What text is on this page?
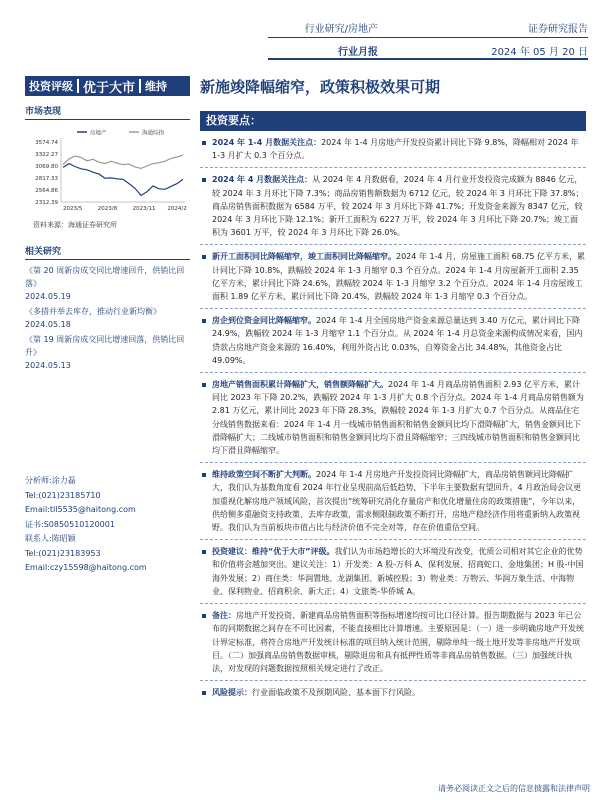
行业研究/房地产
行业月报
证券研究报告
2024 年 05 月 20 日
投资评级 优于大市 维持 新施竣降幅缩窄，政策积极效果可期
市场表现
房地产	海通综指
3574.74
3322.27
3069.80
2817.33
2564.86
2312.39
2023/5	2023/8	2023/11 2024/2
资料来源：海通证券研究所
相关研究
《第 20 周新房成交同比增速回升，供销比回落》
2024.05.19
《多措并举去库存，推动行业新均衡》
2024.05.18
《第 19 周新房成交同比增速回落，供销比回升》
2024.05.13
分析师:涂力磊
Tel:(021)23185710
Email:tll5535@haitong.com
证书:S0850510120001
联系人:陈昭颖
Tel:(021)23183953
Email:czy15598@haitong.com
投资要点：
2024 年 1-4 月数据关注点：2024 年 1-4 月房地产开发投资累计同比下降 9.8%，降幅相对 2024 年 1-3 月扩大 0.3 个百分点。
2024 年 4 月数据关注点：从 2024 年 4 月数据看，2024 年 4 月行业开发投资完成额为 8846 亿元，较 2024 年 3 月环比下降 7.3%；商品房销售额数据为 6712 亿元，较 2024 年 3 月环比下降 37.8%；商品房销售面积数据为 6584 万平，较 2024 年 3 月环比下降 41.7%；开发资金来源为 8347 亿元，较 2024 年 3 月环比下降 12.1%；新开工面积为 6227 万平，较 2024 年 3 月环比下降 20.7%；竣工面积为 3601 万平，较 2024 年 3 月环比下降 26.0%。
新开工面积同比降幅缩窄，竣工面积同比降幅缩窄。2024 年 1-4 月，房屋施工面积 68.75 亿平方米，累计同比下降 10.8%，跌幅较 2024 年 1-3 月缩窄 0.3 个百分点。2024 年 1-4 月房屋新开工面积 2.35 亿平方米，累计同比下降 24.6%，跌幅较 2024 年 1-3 月缩窄 3.2 个百分点。2024 年 1-4 月房屋竣工面积 1.89 亿平方米，累计同比下降 20.4%，跌幅较 2024 年 1-3 月缩窄 0.3 个百分点。
房企到位资金同比降幅缩窄。2024 年 1-4 月全国房地产资金来源总量达到 3.40 万亿元，累计同比下降 24.9%，跌幅较 2024 年 1-3 月缩窄 1.1 个百分点。从 2024 年 1-4 月总资金来源构成情况来看，国内贷款占房地产资金来源的 16.40%，利用外资占比 0.03%，自筹资金占比 34.48%，其他资金占比 49.09%。
房地产销售面积累计降幅扩大，销售额降幅扩大。2024 年 1-4 月商品房销售面积 2.93 亿平方米，累计同比 2023 年下降 20.2%，跌幅较 2024 年 1-3 月扩大 0.8 个百分点。2024 年 1-4 月商品房销售额为 2.81 万亿元，累计同比 2023 年下降 28.3%，跌幅较 2024 年 1-3 月扩大 0.7 个百分点。从商品住宅分线销售数据来看：2024 年 1-4 月一线城市销售面积和销售金额同比均下滑降幅扩大，销售金额同比下滑降幅扩大；二线城市销售面积和销售金额同比均下滑且降幅缩窄；三四线城市销售面积和销售金额同比均下滑且降幅缩窄。
维持政策空间不断扩大判断。2024 年 1-4 月房地产开发投资同比降幅扩大，商品房销售额同比降幅扩大，我们认为基数角度看 2024 年行业呈现前高后低趋势，下半年主要数据有望回升。4 月政治局会议更加重视化解房地产领域风险，首次提出“统筹研究消化存量房产和优化增量住房的政策措施”，今年以来，供给侧多重融资支持政策、去库存政策，需求侧限制政策不断打开，房地产稳经济作用将重新纳入政策视野。我们认为当前板块市值占比与经济价值不完全对等，存在价值重估空间。
投资建议：维持“优于大市”评级。我们认为市场趋增长的大环境没有改变，优质公司相对其它企业的优势和价值将会越加突出。建议关注：1）开发类：A 股-万科 A、保利发展、招商蛇口、金地集团；H 股-中国海外发展；2）商住类：华润置地、龙湖集团、新城控股；3）物业类：万物云、华润万象生活、中海物业、保利物业、招商积余、新大正；4）文旅类-华侨城 A。
备注：房地产开发投资、新建商品房销售面积等指标增速均按可比口径计算。报告期数据与 2023 年已公布的同期数据之间存在不可比因素，不能直接相比计算增速。主要原因是：（一）进一步明确房地产开发统计界定标准，将符合房地产开发统计标准的项目纳入统计范围，剔除单纯一级土地开发等非房地产开发项目。（二）加强商品房销售数据审核，剔除退房和具有抵押性质等非商品房销售数据。（三）加强统计执法，对发现的问题数据按照相关规定进行了改正。
风险提示：行业面临政策不及预期风险、基本面下行风险。
请务必阅读正文之后的信息披露和法律声明
